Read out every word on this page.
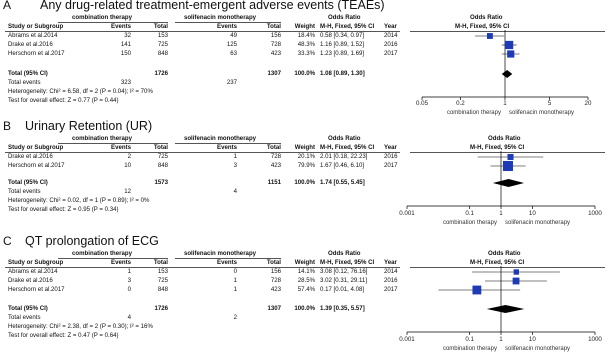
A Any drug-related treatment-emergent adverse events (TEAEs)
combination therapy	solifenacin monotherapy	Odds Ratio	Odds Ratio
Study or Subgroup	Events	Total	Events	Total	Weight M-H, Fixed, 95% CI Year	M-H, Fixed, 95% CI
Abrams et al.2014	32	153	49	156	18.4% 0.58 [0.34, 0.97]	2014
Drake et al.2016	141	725	125	728	48.3% 1.16 [0.89, 1.52]	2016
Herschorn et al.2017	150	848	63	423	33.3% 1.23 [0.89, 1.69]	2017
Total (95% CI)	1726	1307	100.0% 1.08 [0.89, 1.30]
Total events	323	237
Heterogeneity: Chi² = 6.58, df = 2 (P = 0.04); I² = 70%
Test for overall effect: Z = 0.77 (P = 0.44)	0.05	0.2	1	5	20
combination therapy solifenacin monotherapy
B Urinary Retention (UR)
combination therapy	solifenacin monotherapy	Odds Ratio	Odds Ratio
Study or Subgroup	Events	Total	Events	Total	Weight M-H, Fixed, 95% CI Year	M-H, Fixed, 95% CI
Drake et al.2016	2	725	1	728	20.1% 2.01 [0.18, 22.23]	2016
Herschorn et al.2017	10	848	3	423	79.9% 1.67 [0.46, 6.10]	2017
Total (95% CI)	1573	1151	100.0% 1.74 [0.55, 5.45]
Total events	12	4
Heterogeneity: Chi² = 0.02, df = 1 (P = 0.89); I² = 0%
Test for overall effect: Z = 0.95 (P = 0.34)
0.001	0.1	1	10	1000
combination therapy solifenacin monotherapy
C QT prolongation of ECG
combination therapy	solifenacin monotherapy	Odds Ratio	Odds Ratio
Study or Subgroup	Events	Total	Events	Total	Weight M-H, Fixed, 95% CI Year	M-H, Fixed, 95% CI
Abrams et al.2014	1	153	0	156	14.1% 3.08 [0.12, 76.16]	2014
Drake et al.2016	3	725	1	728	28.5% 3.02 [0.31, 29.11]	2016
Herschorn et al.2017	0	848	1	423	57.4% 0.17 [0.01, 4.08]	2017
Total (95% CI)	1726	1307	100.0% 1.39 [0.35, 5.57]
Total events	4	2
Heterogeneity: Chi² = 2.38, df = 2 (P = 0.30); I² = 16%
Test for overall effect: Z = 0.47 (P = 0.64)
0.001	0.1	1	10	1000
combination therapy solifenacin monotherapy
